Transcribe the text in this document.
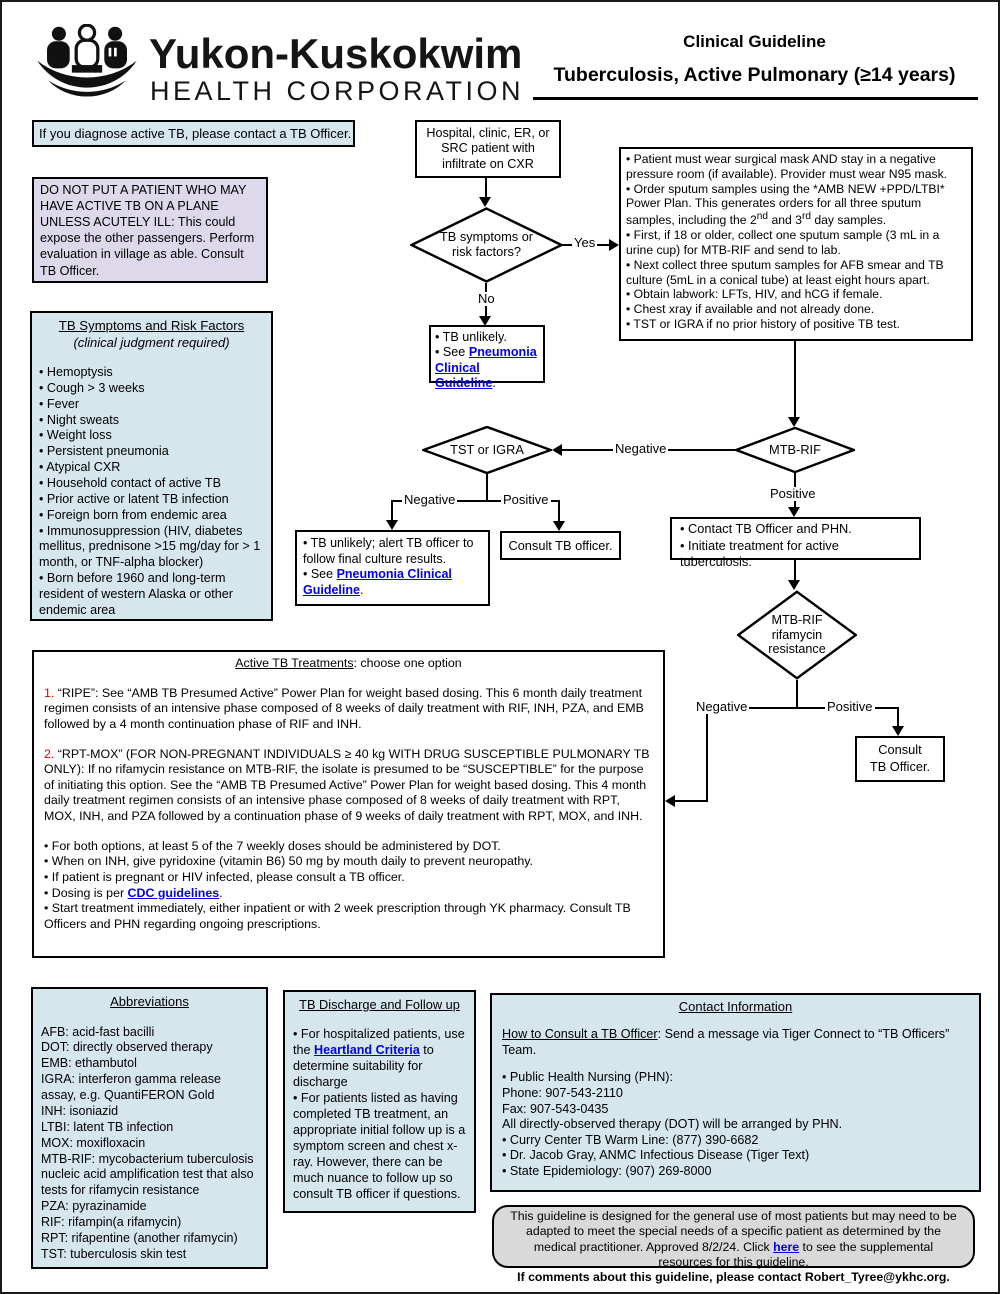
Yukon-Kuskokwim
HEALTH CORPORATION
Clinical Guideline
Tuberculosis, Active Pulmonary (≥14 years)
If you diagnose active TB, please contact a TB Officer.
DO NOT PUT A PATIENT WHO MAY HAVE ACTIVE TB ON A PLANE UNLESS ACUTELY ILL: This could expose the other passengers. Perform evaluation in village as able. Consult TB Officer.
TB Symptoms and Risk Factors
(clinical judgment required)
• Hemoptysis
• Cough > 3 weeks
• Fever
• Night sweats
• Weight loss
• Persistent pneumonia
• Atypical CXR
• Household contact of active TB
• Prior active or latent TB infection
• Foreign born from endemic area
• Immunosuppression (HIV, diabetes mellitus, prednisone >15 mg/day for > 1 month, or TNF-alpha blocker)
• Born before 1960 and long-term resident of western Alaska or other endemic area
Hospital, clinic, ER, or SRC patient with infiltrate on CXR
TB symptoms or risk factors?
• TB unlikely.
• See Pneumonia Clinical Guideline.
• Patient must wear surgical mask AND stay in a negative pressure room (if available). Provider must wear N95 mask.
• Order sputum samples using the *AMB NEW +PPD/LTBI* Power Plan. This generates orders for all three sputum samples, including the 2nd and 3rd day samples.
• First, if 18 or older, collect one sputum sample (3 mL in a urine cup) for MTB-RIF and send to lab.
• Next collect three sputum samples for AFB smear and TB culture (5mL in a conical tube) at least eight hours apart.
• Obtain labwork: LFTs, HIV, and hCG if female.
• Chest xray if available and not already done.
• TST or IGRA if no prior history of positive TB test.
TST or IGRA	MTB-RIF
• TB unlikely; alert TB officer to follow final culture results.
• See Pneumonia Clinical Guideline.
Consult TB officer.
• Contact TB Officer and PHN.
• Initiate treatment for active tuberculosis.
MTB-RIF
rifamycin
resistance
Consult
TB Officer.
Yes
No
Negative
Negative	Positive	Positive
Negative	Positive
Active TB Treatments: choose one option
1. “RIPE”: See “AMB TB Presumed Active” Power Plan for weight based dosing. This 6 month daily treatment regimen consists of an intensive phase composed of 8 weeks of daily treatment with RIF, INH, PZA, and EMB followed by a 4 month continuation phase of RIF and INH.
2. “RPT-MOX” (FOR NON-PREGNANT INDIVIDUALS ≥ 40 kg WITH DRUG SUSCEPTIBLE PULMONARY TB ONLY): If no rifamycin resistance on MTB-RIF, the isolate is presumed to be “SUSCEPTIBLE” for the purpose of initiating this option. See the “AMB TB Presumed Active” Power Plan for weight based dosing. This 4 month daily treatment regimen consists of an intensive phase composed of 8 weeks of daily treatment with RPT, MOX, INH, and PZA followed by a continuation phase of 9 weeks of daily treatment with RPT, MOX, and INH.
• For both options, at least 5 of the 7 weekly doses should be administered by DOT.
• When on INH, give pyridoxine (vitamin B6) 50 mg by mouth daily to prevent neuropathy.
• If patient is pregnant or HIV infected, please consult a TB officer.
• Dosing is per CDC guidelines.
• Start treatment immediately, either inpatient or with 2 week prescription through YK pharmacy. Consult TB Officers and PHN regarding ongoing prescriptions.
Abbreviations
AFB: acid-fast bacilli
DOT: directly observed therapy
EMB: ethambutol
IGRA: interferon gamma release assay, e.g. QuantiFERON Gold
INH: isoniazid
LTBI: latent TB infection
MOX: moxifloxacin
MTB-RIF: mycobacterium tuberculosis nucleic acid amplification test that also tests for rifamycin resistance
PZA: pyrazinamide
RIF: rifampin(a rifamycin)
RPT: rifapentine (another rifamycin)
TST: tuberculosis skin test
TB Discharge and Follow up
• For hospitalized patients, use the Heartland Criteria to determine suitability for discharge
• For patients listed as having completed TB treatment, an appropriate initial follow up is a symptom screen and chest x-ray. However, there can be much nuance to follow up so consult TB officer if questions.
Contact Information
How to Consult a TB Officer: Send a message via Tiger Connect to “TB Officers” Team.
• Public Health Nursing (PHN):
Phone: 907-543-2110
Fax: 907-543-0435
All directly-observed therapy (DOT) will be arranged by PHN.
• Curry Center TB Warm Line: (877) 390-6682
• Dr. Jacob Gray, ANMC Infectious Disease (Tiger Text)
• State Epidemiology: (907) 269-8000
This guideline is designed for the general use of most patients but may need to be adapted to meet the special needs of a specific patient as determined by the medical practitioner. Approved 8/2/24. Click here to see the supplemental resources for this guideline.
If comments about this guideline, please contact Robert_Tyree@ykhc.org.
